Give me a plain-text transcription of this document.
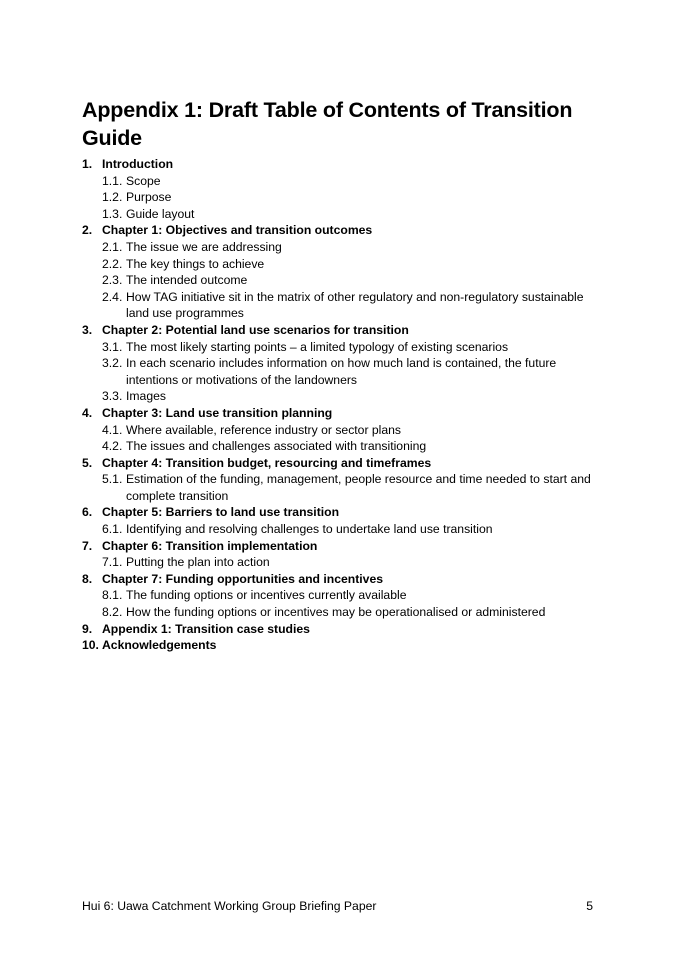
Appendix 1: Draft Table of Contents of Transition Guide
1. Introduction
1.1. Scope
1.2. Purpose
1.3. Guide layout
2. Chapter 1: Objectives and transition outcomes
2.1. The issue we are addressing
2.2. The key things to achieve
2.3. The intended outcome
2.4. How TAG initiative sit in the matrix of other regulatory and non-regulatory sustainable land use programmes
3. Chapter 2: Potential land use scenarios for transition
3.1. The most likely starting points – a limited typology of existing scenarios
3.2. In each scenario includes information on how much land is contained, the future intentions or motivations of the landowners
3.3. Images
4. Chapter 3: Land use transition planning
4.1. Where available, reference industry or sector plans
4.2. The issues and challenges associated with transitioning
5. Chapter 4: Transition budget, resourcing and timeframes
5.1. Estimation of the funding, management, people resource and time needed to start and complete transition
6. Chapter 5: Barriers to land use transition
6.1. Identifying and resolving challenges to undertake land use transition
7. Chapter 6: Transition implementation
7.1. Putting the plan into action
8. Chapter 7: Funding opportunities and incentives
8.1. The funding options or incentives currently available
8.2. How the funding options or incentives may be operationalised or administered
9. Appendix 1: Transition case studies
10. Acknowledgements
Hui 6: Uawa Catchment Working Group Briefing Paper	5
